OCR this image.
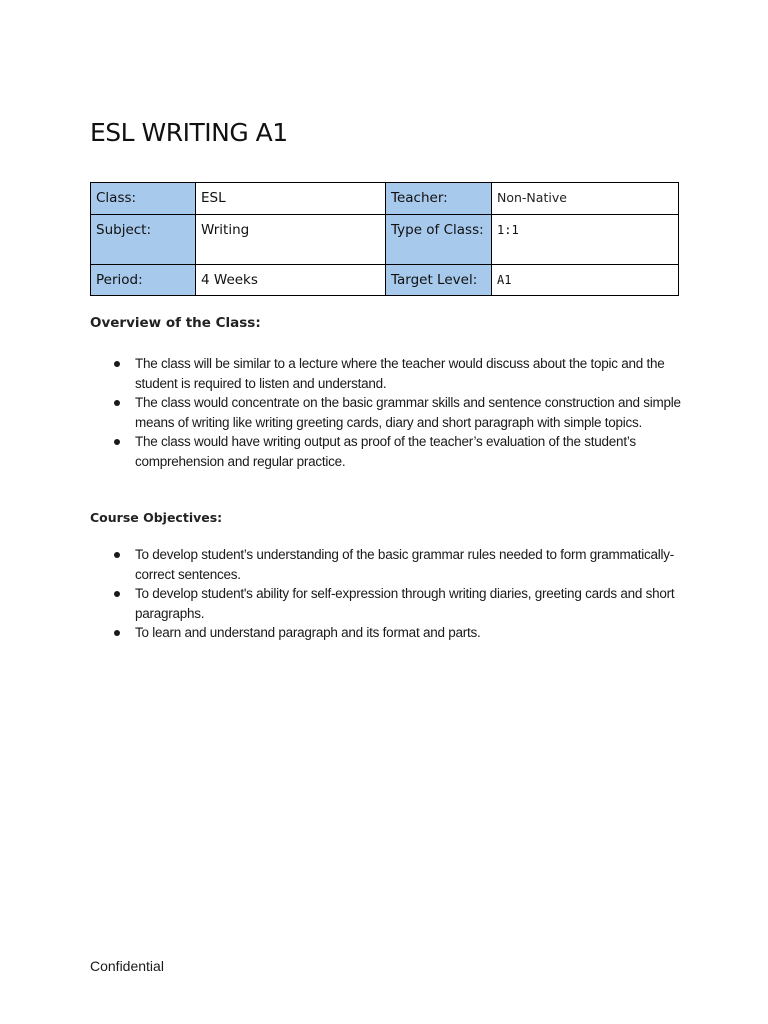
ESL WRITING A1
Class:	ESL	Teacher:	Non-Native
Subject:	Writing	Type of Class:	1:1
Period:	4 Weeks	Target Level:	A1
Overview of the Class:
The class will be similar to a lecture where the teacher would discuss about the topic and the student is required to listen and understand.
The class would concentrate on the basic grammar skills and sentence construction and simple means of writing like writing greeting cards, diary and short paragraph with simple topics.
The class would have writing output as proof of the teacher’s evaluation of the student’s comprehension and regular practice.
Course Objectives:
To develop student’s understanding of the basic grammar rules needed to form grammatically-correct sentences.
To develop student's ability for self-expression through writing diaries, greeting cards and short paragraphs.
To learn and understand paragraph and its format and parts.

Confidential
